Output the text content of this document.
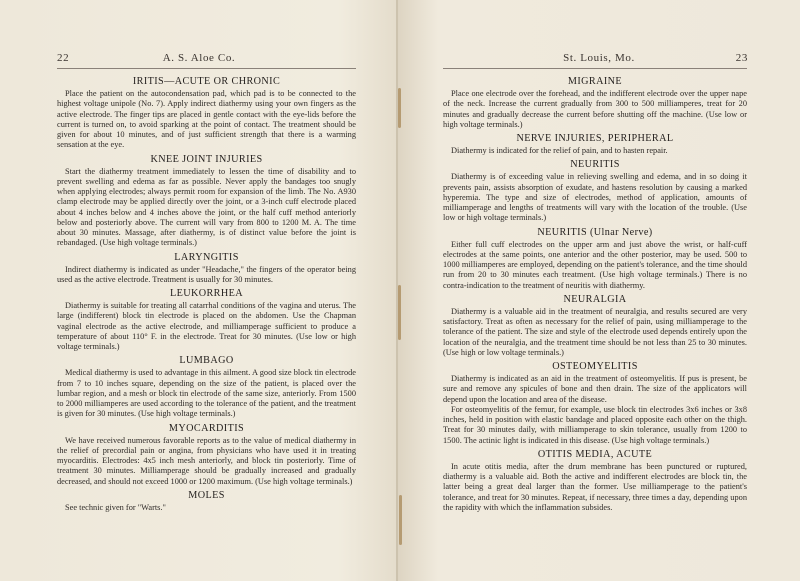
22	A. S. Aloe Co.
IRITIS—ACUTE OR CHRONIC

Place the patient on the autocondensation pad, which pad is to be connected to the highest voltage unipole (No. 7). Apply indirect diathermy using your own fingers as the active electrode. The finger tips are placed in gentle contact with the eye-lids before the current is turned on, to avoid sparking at the point of contact. The treatment should be given for about 10 minutes, and of just sufficient strength that there is a warming sensation at the eye.

KNEE JOINT INJURIES

Start the diathermy treatment immediately to lessen the time of disability and to prevent swelling and edema as far as possible. Never apply the bandages too snugly when applying electrodes; always permit room for expansion of the limb. The No. A930 clamp electrode may be applied directly over the joint, or a 3-inch cuff electrode placed about 4 inches below and 4 inches above the joint, or the half cuff method anteriorly below and posteriorly above. The current will vary from 800 to 1200 M. A. The time about 30 minutes. Massage, after diathermy, is of distinct value before the joint is rebandaged. (Use high voltage terminals.)

LARYNGITIS

Indirect diathermy is indicated as under "Headache," the fingers of the operator being used as the active electrode. Treatment is usually for 30 minutes.

LEUKORRHEA

Diathermy is suitable for treating all catarrhal conditions of the vagina and uterus. The large (indifferent) block tin electrode is placed on the abdomen. Use the Chapman vaginal electrode as the active electrode, and milliamperage sufficient to produce a temperature of about 110° F. in the electrode. Treat for 30 minutes. (Use low or high voltage terminals.)

LUMBAGO

Medical diathermy is used to advantage in this ailment. A good size block tin electrode from 7 to 10 inches square, depending on the size of the patient, is placed over the lumbar region, and a mesh or block tin electrode of the same size, anteriorly. From 1500 to 2000 milliamperes are used according to the tolerance of the patient, and the treatment is given for 30 minutes. (Use high voltage terminals.)

MYOCARDITIS

We have received numerous favorable reports as to the value of medical diathermy in the relief of precordial pain or angina, from physicians who have used it in treating myocarditis. Electrodes: 4x5 inch mesh anteriorly, and block tin posteriorly. Time of treatment 30 minutes. Milliamperage should be gradually increased and gradually decreased, and should not exceed 1000 or 1200 maximum. (Use high voltage terminals.)

MOLES

See technic given for "Warts."

St. Louis, Mo.	23
MIGRAINE

Place one electrode over the forehead, and the indifferent electrode over the upper nape of the neck. Increase the current gradually from 300 to 500 milliamperes, treat for 20 minutes and gradually decrease the current before shutting off the machine. (Use low or high voltage terminals.)

NERVE INJURIES, PERIPHERAL

Diathermy is indicated for the relief of pain, and to hasten repair.

NEURITIS

Diathermy is of exceeding value in relieving swelling and edema, and in so doing it prevents pain, assists absorption of exudate, and hastens resolution by causing a marked hyperemia. The type and size of electrodes, method of application, amounts of milliamperage and lengths of treatments will vary with the location of the trouble. (Use low or high voltage terminals.)

NEURITIS (Ulnar Nerve)

Either full cuff electrodes on the upper arm and just above the wrist, or half-cuff electrodes at the same points, one anterior and the other posterior, may be used. 500 to 1000 milliamperes are employed, depending on the patient's tolerance, and the time should run from 20 to 30 minutes each treatment. (Use high voltage terminals.) There is no contra-indication to the treatment of neuritis with diathermy.

NEURALGIA

Diathermy is a valuable aid in the treatment of neuralgia, and results secured are very satisfactory. Treat as often as necessary for the relief of pain, using milliamperage to the tolerance of the patient. The size and style of the electrode used depends entirely upon the location of the neuralgia, and the treatment time should be not less than 25 to 30 minutes. (Use high or low voltage terminals.)

OSTEOMYELITIS

Diathermy is indicated as an aid in the treatment of osteomyelitis. If pus is present, be sure and remove any spicules of bone and then drain. The size of the applicators will depend upon the location and area of the disease.

For osteomyelitis of the femur, for example, use block tin electrodes 3x6 inches or 3x8 inches, held in position with elastic bandage and placed opposite each other on the thigh. Treat for 30 minutes daily, with milliamperage to skin tolerance, usually from 1200 to 1500. The actinic light is indicated in this disease. (Use high voltage terminals.)

OTITIS MEDIA, ACUTE

In acute otitis media, after the drum membrane has been punctured or ruptured, diathermy is a valuable aid. Both the active and indifferent electrodes are block tin, the latter being a great deal larger than the former. Use milliamperage to the patient's tolerance, and treat for 30 minutes. Repeat, if necessary, three times a day, depending upon the rapidity with which the inflammation subsides.
